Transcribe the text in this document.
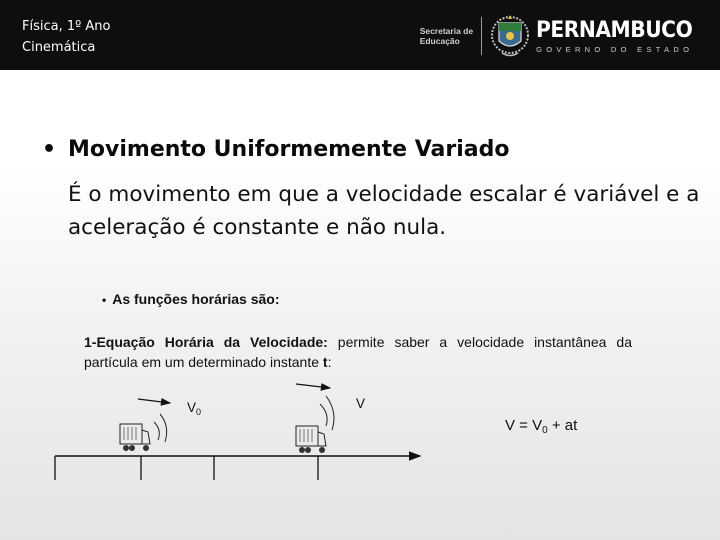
Física, 1º Ano
Cinemática
Secretaria de
Educação	PERNAMBUCO
GOVERNO DO ESTADO
• Movimento Uniformemente Variado
É o movimento em que a velocidade escalar é variável e a aceleração é constante e não nula.
• As funções horárias são:
1-Equação Horária da Velocidade: permite saber a velocidade instantânea da partícula em um determinado instante t:
$V_0$
V
$V = V_0$ + at
